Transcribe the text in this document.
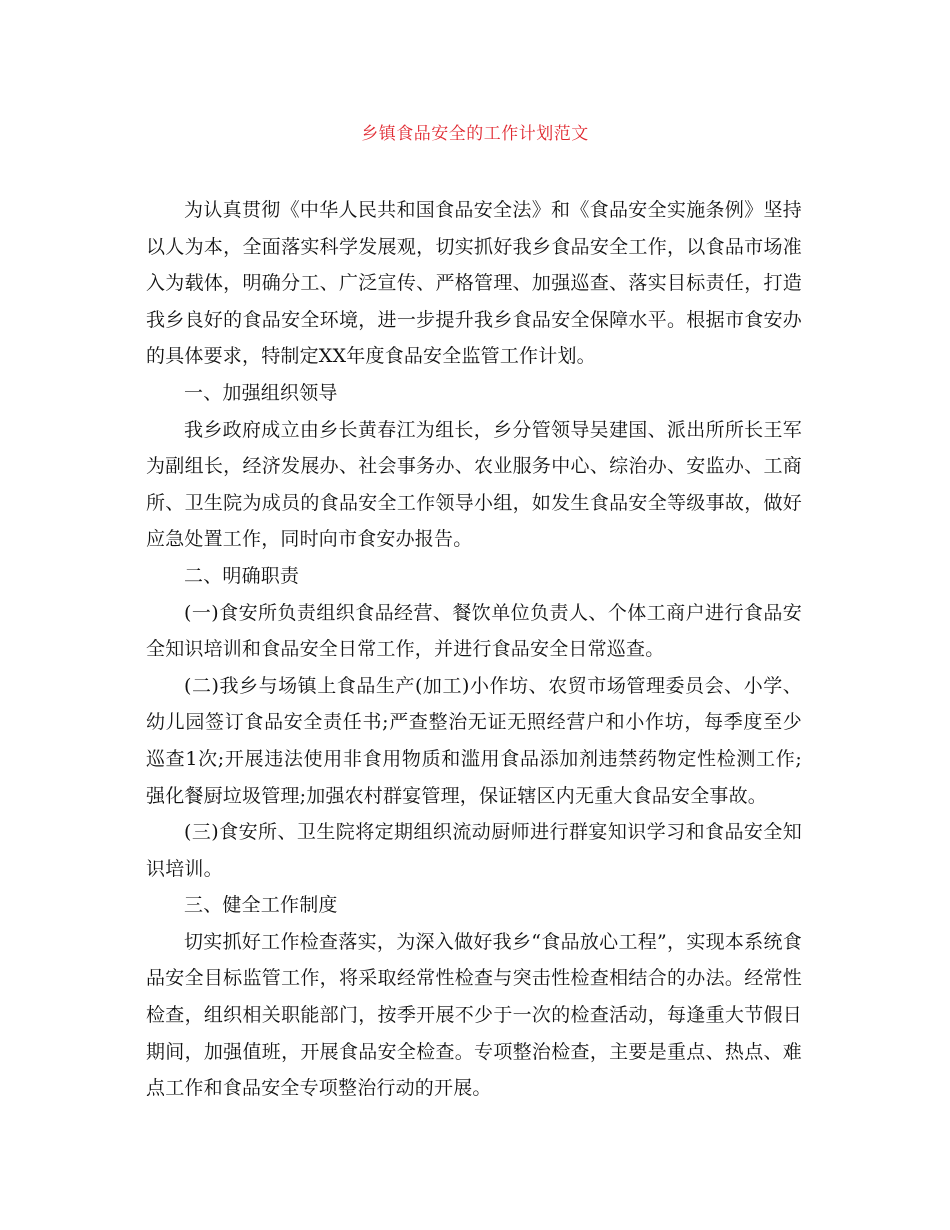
乡镇食品安全的工作计划范文

为认真贯彻《中华人民共和国食品安全法》和《食品安全实施条例》坚持以人为本，全面落实科学发展观，切实抓好我乡食品安全工作，以食品市场准入为载体，明确分工、广泛宣传、严格管理、加强巡查、落实目标责任，打造我乡良好的食品安全环境，进一步提升我乡食品安全保障水平。根据市食安办的具体要求，特制定XX年度食品安全监管工作计划。

一、加强组织领导

我乡政府成立由乡长黄春江为组长，乡分管领导吴建国、派出所所长王军为副组长，经济发展办、社会事务办、农业服务中心、综治办、安监办、工商所、卫生院为成员的食品安全工作领导小组，如发生食品安全等级事故，做好应急处置工作，同时向市食安办报告。

二、明确职责

(一)食安所负责组织食品经营、餐饮单位负责人、个体工商户进行食品安全知识培训和食品安全日常工作，并进行食品安全日常巡查。

(二)我乡与场镇上食品生产(加工)小作坊、农贸市场管理委员会、小学、幼儿园签订食品安全责任书;严查整治无证无照经营户和小作坊，每季度至少巡查1次;开展违法使用非食用物质和滥用食品添加剂违禁药物定性检测工作;强化餐厨垃圾管理;加强农村群宴管理，保证辖区内无重大食品安全事故。

(三)食安所、卫生院将定期组织流动厨师进行群宴知识学习和食品安全知识培训。

三、健全工作制度

切实抓好工作检查落实，为深入做好我乡“食品放心工程”，实现本系统食品安全目标监管工作，将采取经常性检查与突击性检查相结合的办法。经常性检查，组织相关职能部门，按季开展不少于一次的检查活动，每逢重大节假日期间，加强值班，开展食品安全检查。专项整治检查，主要是重点、热点、难点工作和食品安全专项整治行动的开展。
